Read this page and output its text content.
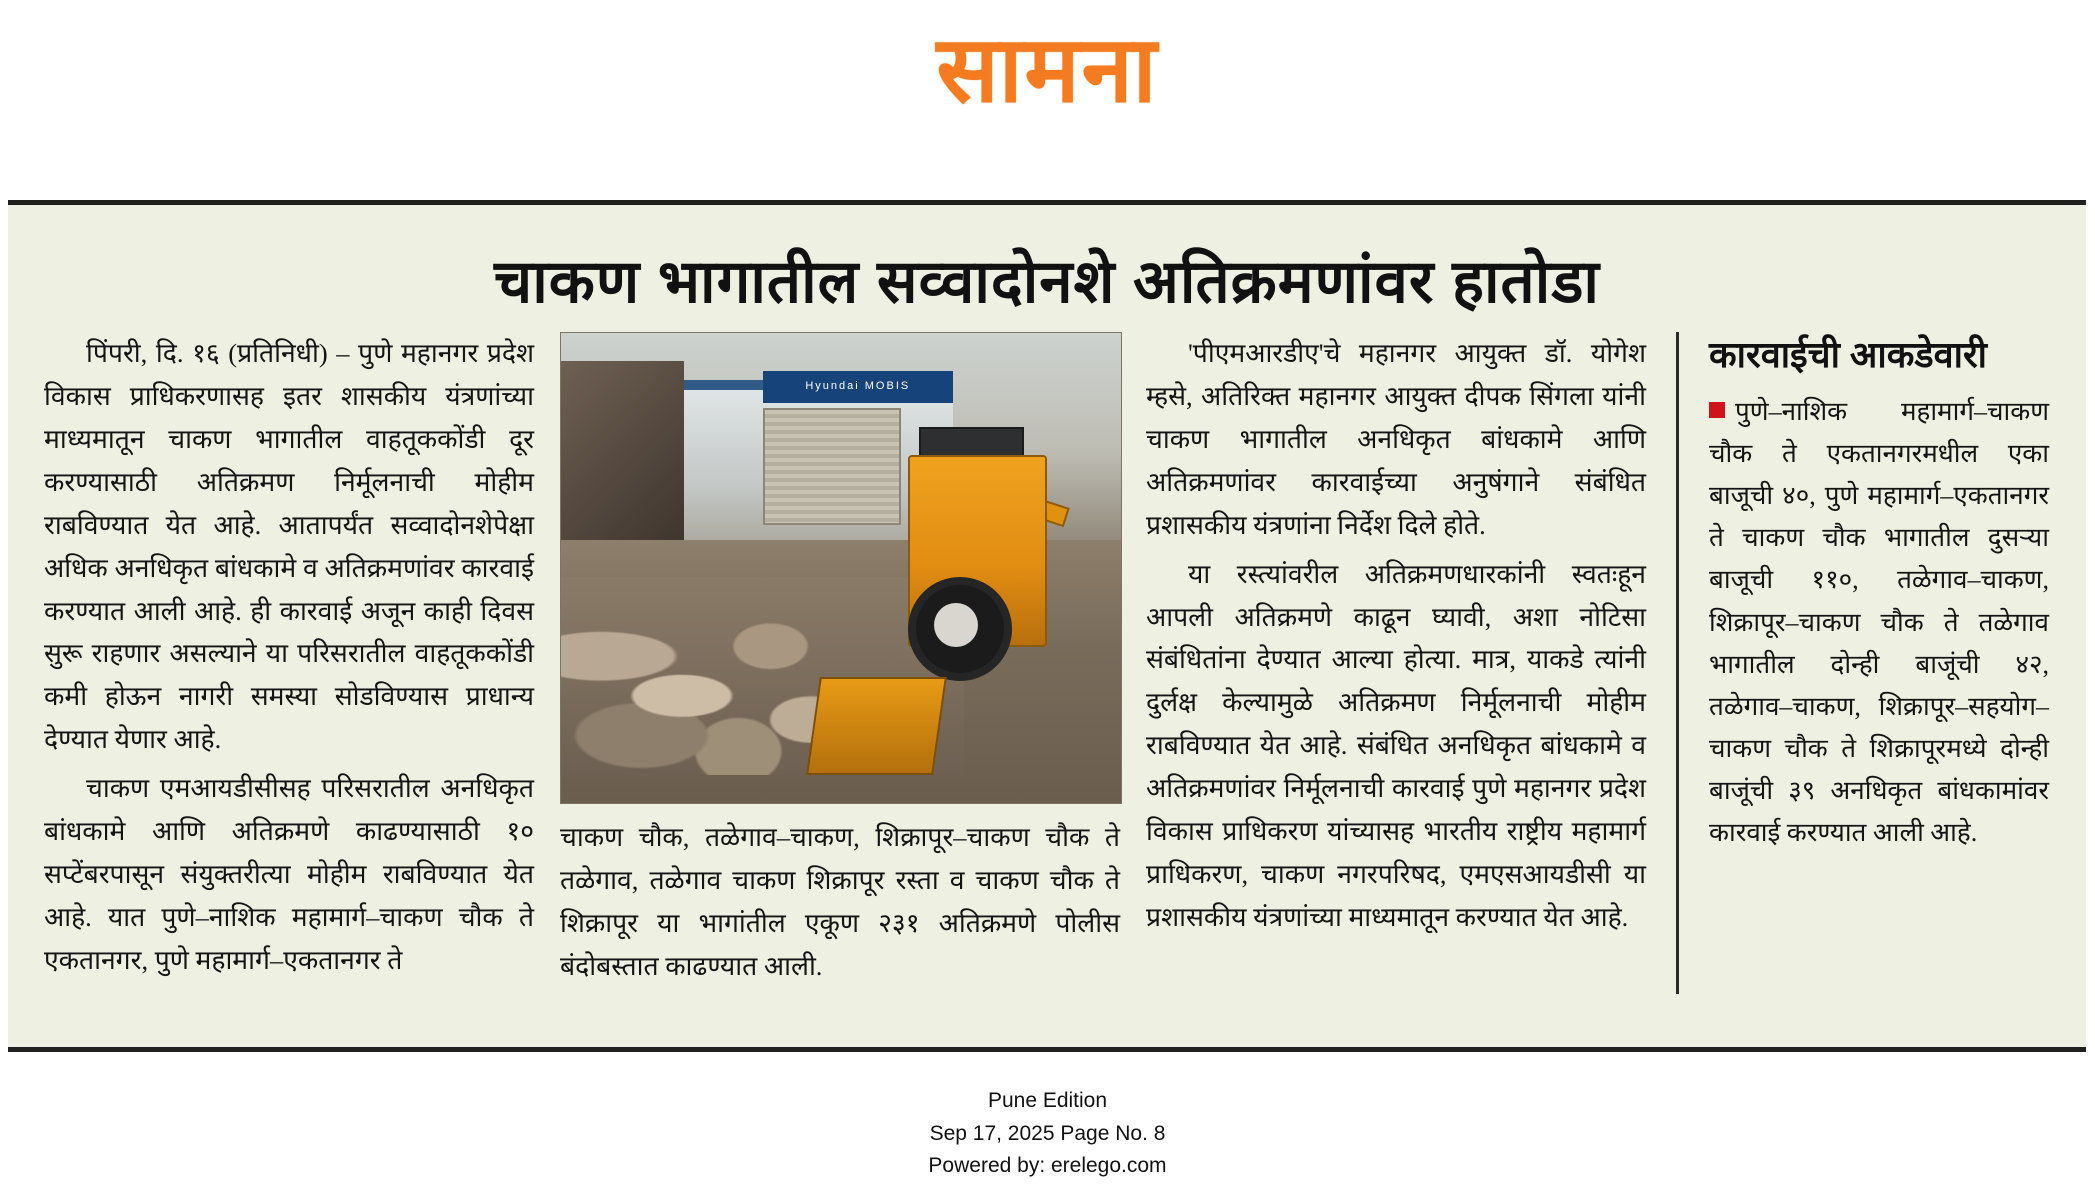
सामना
चाकण भागातील सव्वादोनशे अतिक्रमणांवर हातोडा

पिंपरी, दि. १६ (प्रतिनिधी) – पुणे महानगर प्रदेश विकास प्राधिकरणासह इतर शासकीय यंत्रणांच्या माध्यमातून चाकण भागातील वाहतूककोंडी दूर करण्यासाठी अतिक्रमण निर्मूलनाची मोहीम राबविण्यात येत आहे. आतापर्यंत सव्वादोनशेपेक्षा अधिक अनधिकृत बांधकामे व अतिक्रमणांवर कारवाई करण्यात आली आहे. ही कारवाई अजून काही दिवस सुरू राहणार असल्याने या परिसरातील वाहतूककोंडी कमी होऊन नागरी समस्या सोडविण्यास प्राधान्य देण्यात येणार आहे.

चाकण एमआयडीसीसह परिसरातील अनधिकृत बांधकामे आणि अतिक्रमणे काढण्यासाठी १० सप्टेंबरपासून संयुक्तरीत्या मोहीम राबविण्यात येत आहे. यात पुणे–नाशिक महामार्ग–चाकण चौक ते एकतानगर, पुणे महामार्ग–एकतानगर ते

Hyundai MOBIS

चाकण चौक, तळेगाव–चाकण, शिक्रापूर–चाकण चौक ते तळेगाव, तळेगाव चाकण शिक्रापूर रस्ता व चाकण चौक ते शिक्रापूर या भागांतील एकूण २३१ अतिक्रमणे पोलीस बंदोबस्तात काढण्यात आली.

'पीएमआरडीए'चे महानगर आयुक्त डॉ. योगेश म्हसे, अतिरिक्त महानगर आयुक्त दीपक सिंगला यांनी चाकण भागातील अनधिकृत बांधकामे आणि अतिक्रमणांवर कारवाईच्या अनुषंगाने संबंधित प्रशासकीय यंत्रणांना निर्देश दिले होते.

या रस्त्यांवरील अतिक्रमणधारकांनी स्वतःहून आपली अतिक्रमणे काढून घ्यावी, अशा नोटिसा संबंधितांना देण्यात आल्या होत्या. मात्र, याकडे त्यांनी दुर्लक्ष केल्यामुळे अतिक्रमण निर्मूलनाची मोहीम राबविण्यात येत आहे. संबंधित अनधिकृत बांधकामे व अतिक्रमणांवर निर्मूलनाची कारवाई पुणे महानगर प्रदेश विकास प्राधिकरण यांच्यासह भारतीय राष्ट्रीय महामार्ग प्राधिकरण, चाकण नगरपरिषद, एमएसआयडीसी या प्रशासकीय यंत्रणांच्या माध्यमातून करण्यात येत आहे.

कारवाईची आकडेवारी
पुणे–नाशिक महामार्ग–चाकण चौक ते एकतानगरमधील एका बाजूची ४०, पुणे महामार्ग–एकतानगर ते चाकण चौक भागातील दुसऱ्या बाजूची ११०, तळेगाव–चाकण, शिक्रापूर–चाकण चौक ते तळेगाव भागातील दोन्ही बाजूंची ४२, तळेगाव–चाकण, शिक्रापूर–सहयोग–चाकण चौक ते शिक्रापूरमध्ये दोन्ही बाजूंची ३९ अनधिकृत बांधकामांवर कारवाई करण्यात आली आहे.
Pune Edition
Sep 17, 2025 Page No. 8
Powered by: erelego.com
